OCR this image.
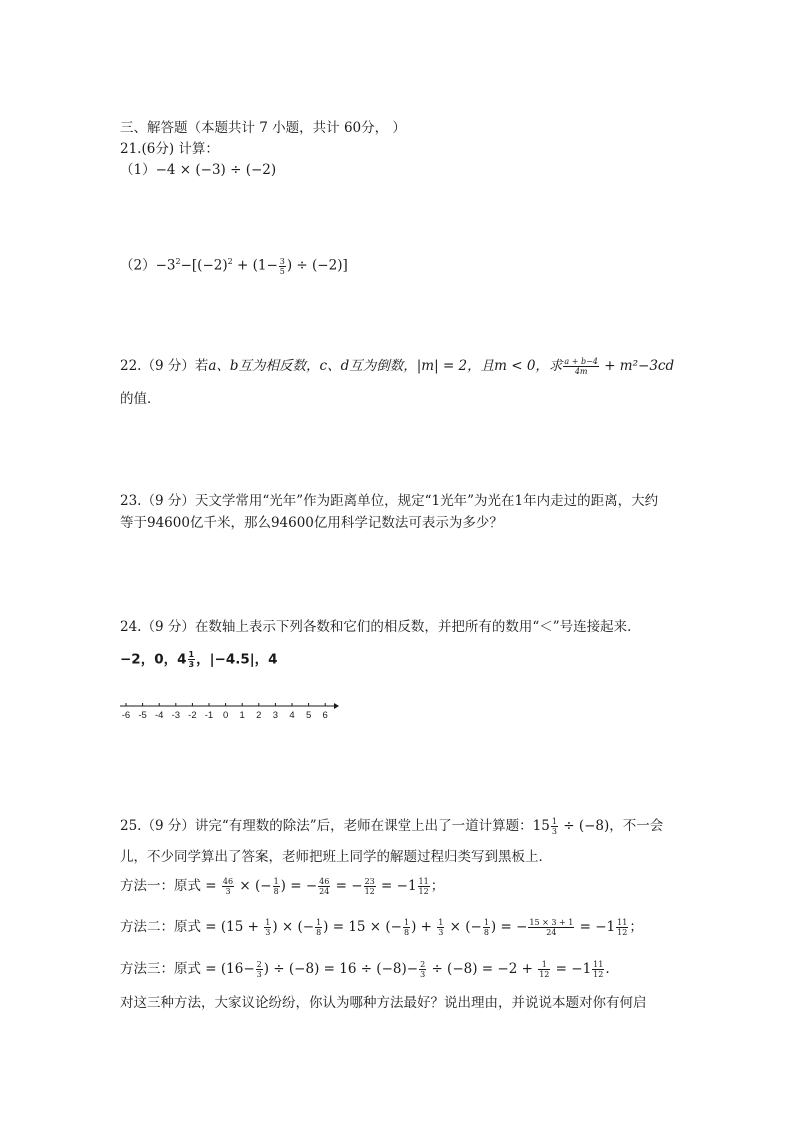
三、解答题（本题共计 7 小题，共计 60分， ）
21.(6分) 计算：
（1）−4 × (−3) ÷ (−2)
$(2)-3^2-[(-2)^2 + (1- \frac{3}{5}$ ) ÷ (−2)]
22.（9 分）若a、b互为相反数，c、d互为倒数，|m| = 2，且m < 0，求 $\frac{a + b-4}{4m} + m^2-3cd$
的值．
23.（9 分）天文学常用“光年”作为距离单位，规定“1光年”为光在1年内走过的距离，大约
等于94600亿千米，那么94600亿用科学记数法可表示为多少？
24.（9 分）在数轴上表示下列各数和它们的相反数，并把所有的数用“＜”号连接起来．
−2，0，$4 \frac{1}{3}$ ，|−4.5|，4
-6 -5 -4 -3 -2 -1 0 1 2 3 4 5 6
25.（9 分）讲完“有理数的除法”后，老师在课堂上出了一道计算题：$15 \frac{1}{3} \div (-8)$，不一会
儿，不少同学算出了答案，老师把班上同学的解题过程归类写到黑板上．
方法一：原式 = $\frac{46}{3}$ × (− $\frac{1}{8}$ ) = − $\frac{46}{24}$ = − $\frac{23}{12} = -1 \frac{11}{12}$ ；
方法二：原式 = ($15 + \frac{1}{3}$ ) × (− $\frac{1}{8}$ ) = 15 × (− $\frac{1}{8}$ ) + $\frac{1}{3}$ × (− $\frac{1}{8}$ ) = − $\frac{15 \times 3 + 1}{24} = -1 \frac{11}{12}$ ；
方法三：原式 = ($16- \frac{2}{3}$ ) ÷ $(-8) = 16 \div (-8)- \frac{2}{3} \div (-8) = -2 + \frac{1}{12} = -1 \frac{11}{12}$ .
对这三种方法，大家议论纷纷，你认为哪种方法最好？说出理由，并说说本题对你有何启
